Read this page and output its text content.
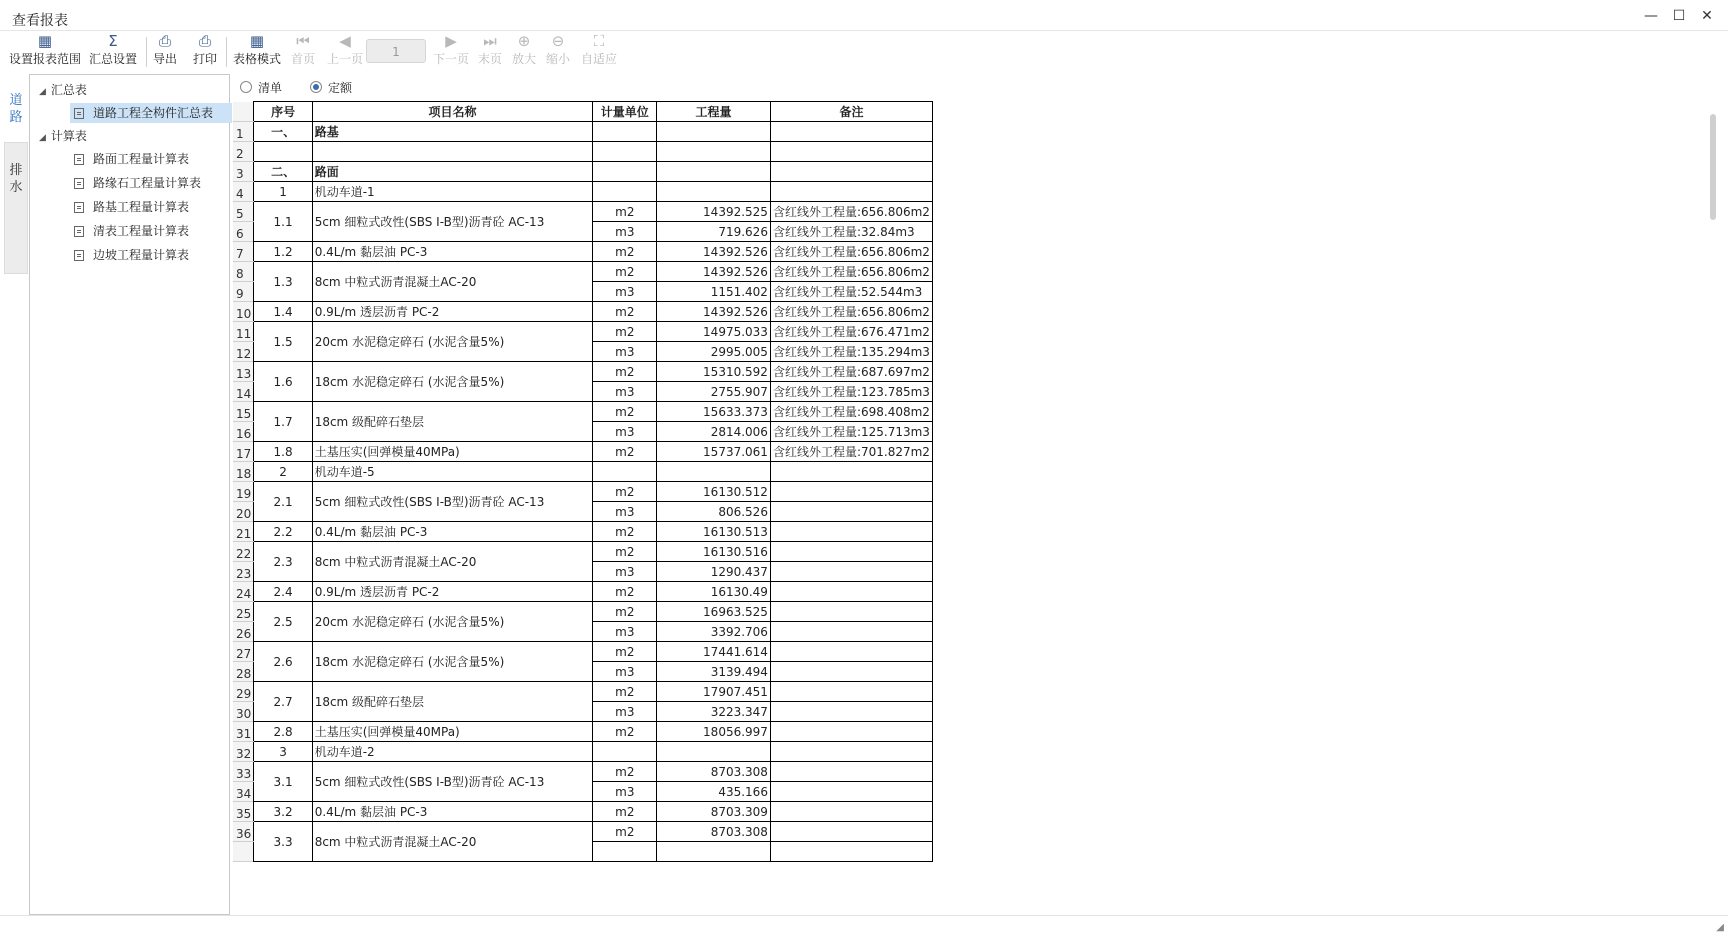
查看报表	—	☐	✕
▦
设置报表范围
Σ
汇总设置
⎙
导出
⎙
打印
▦
表格模式
⏮
首页
◀
上一页
▶
下一页
⏭
末页
⊕
放大
⊖
缩小
⛶
自适应
1
道路
排水
◢ 汇总表
道路工程全构件汇总表
◢ 计算表
路面工程量计算表
路缘石工程量计算表
路基工程量计算表
清表工程量计算表
边坡工程量计算表
清单	定额
	序号	项目名称	计量单位	工程量	备注
1	一、	路基			
2					
3	二、	路面			
4	1	机动车道-1			
5	1.1	5cm 细粒式改性(SBS I-B型)沥青砼 AC-13	m2	14392.525	含红线外工程量:656.806m2
6			m3	719.626	含红线外工程量:32.84m3
7	1.2	0.4L/m 黏层油 PC-3	m2	14392.526	含红线外工程量:656.806m2
8	1.3	8cm 中粒式沥青混凝土AC-20	m2	14392.526	含红线外工程量:656.806m2
9			m3	1151.402	含红线外工程量:52.544m3
10	1.4	0.9L/m 透层沥青 PC-2	m2	14392.526	含红线外工程量:656.806m2
11	1.5	20cm 水泥稳定碎石 (水泥含量5%)	m2	14975.033	含红线外工程量:676.471m2
12			m3	2995.005	含红线外工程量:135.294m3
13	1.6	18cm 水泥稳定碎石 (水泥含量5%)	m2	15310.592	含红线外工程量:687.697m2
14			m3	2755.907	含红线外工程量:123.785m3
15	1.7	18cm 级配碎石垫层	m2	15633.373	含红线外工程量:698.408m2
16			m3	2814.006	含红线外工程量:125.713m3
17	1.8	土基压实(回弹模量40MPa)	m2	15737.061	含红线外工程量:701.827m2
18	2	机动车道-5			
19	2.1	5cm 细粒式改性(SBS I-B型)沥青砼 AC-13	m2	16130.512	
20			m3	806.526	
21	2.2	0.4L/m 黏层油 PC-3	m2	16130.513	
22	2.3	8cm 中粒式沥青混凝土AC-20	m2	16130.516	
23			m3	1290.437	
24	2.4	0.9L/m 透层沥青 PC-2	m2	16130.49	
25	2.5	20cm 水泥稳定碎石 (水泥含量5%)	m2	16963.525	
26			m3	3392.706	
27	2.6	18cm 水泥稳定碎石 (水泥含量5%)	m2	17441.614	
28			m3	3139.494	
29	2.7	18cm 级配碎石垫层	m2	17907.451	
30			m3	3223.347	
31	2.8	土基压实(回弹模量40MPa)	m2	18056.997	
32	3	机动车道-2			
33	3.1	5cm 细粒式改性(SBS I-B型)沥青砼 AC-13	m2	8703.308	
34			m3	435.166	
35	3.2	0.4L/m 黏层油 PC-3	m2	8703.309	
36	3.3	8cm 中粒式沥青混凝土AC-20	m2	8703.308	

◢
